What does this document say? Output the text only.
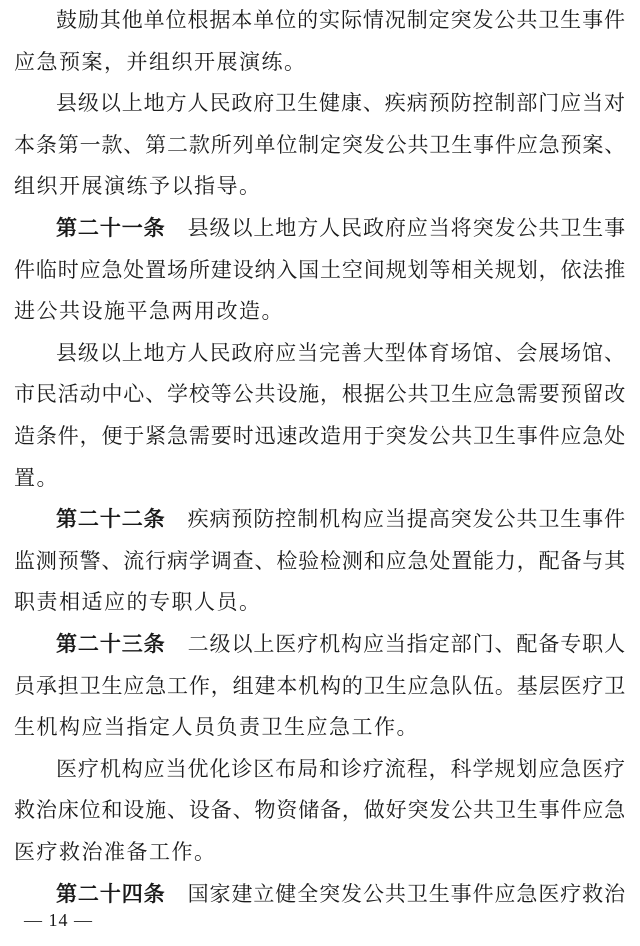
鼓励其他单位根据本单位的实际情况制定突发公共卫生事件
应急预案，并组织开展演练。
县级以上地方人民政府卫生健康、疾病预防控制部门应当对
本条第一款、第二款所列单位制定突发公共卫生事件应急预案、
组织开展演练予以指导。
第二十一条 县级以上地方人民政府应当将突发公共卫生事
件临时应急处置场所建设纳入国土空间规划等相关规划，依法推
进公共设施平急两用改造。
县级以上地方人民政府应当完善大型体育场馆、会展场馆、
市民活动中心、学校等公共设施，根据公共卫生应急需要预留改
造条件，便于紧急需要时迅速改造用于突发公共卫生事件应急处
置。
第二十二条 疾病预防控制机构应当提高突发公共卫生事件
监测预警、流行病学调查、检验检测和应急处置能力，配备与其
职责相适应的专职人员。
第二十三条 二级以上医疗机构应当指定部门、配备专职人
员承担卫生应急工作，组建本机构的卫生应急队伍。基层医疗卫
生机构应当指定人员负责卫生应急工作。
医疗机构应当优化诊区布局和诊疗流程，科学规划应急医疗
救治床位和设施、设备、物资储备，做好突发公共卫生事件应急
医疗救治准备工作。
第二十四条 国家建立健全突发公共卫生事件应急医疗救治
— 14 —
